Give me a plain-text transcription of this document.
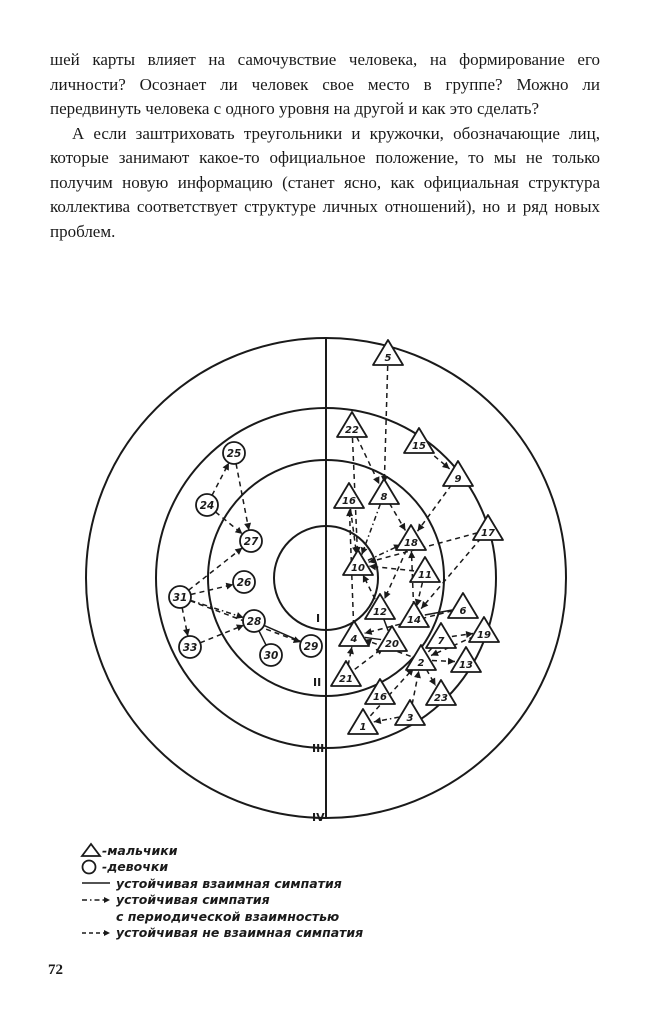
шей карты влияет на самочувствие человека, на формирование его личности? Осознает ли человек свое место в группе? Можно ли передвинуть человека с одного уровня на другой и как это сделать?

А если заштриховать треугольники и кружочки, обозначающие лиц, которые занимают какое-то официальное положение, то мы не только получим новую информацию (станет ясно, как официальная структура коллектива соответствует структуре личных отношений), но и ряд новых проблем.

25
24
27
31
26
28
33
30
29
5
22
15
9
16 8
17
18
10
11
12
20
14
6
7
19
4
2	13
21
16	23
1
3
I
II
III
IV
-мальчики
-девочки
устойчивая взаимная симпатия
устойчивая симпатия
с периодической взаимностью
устойчивая не взаимная симпатия
72
